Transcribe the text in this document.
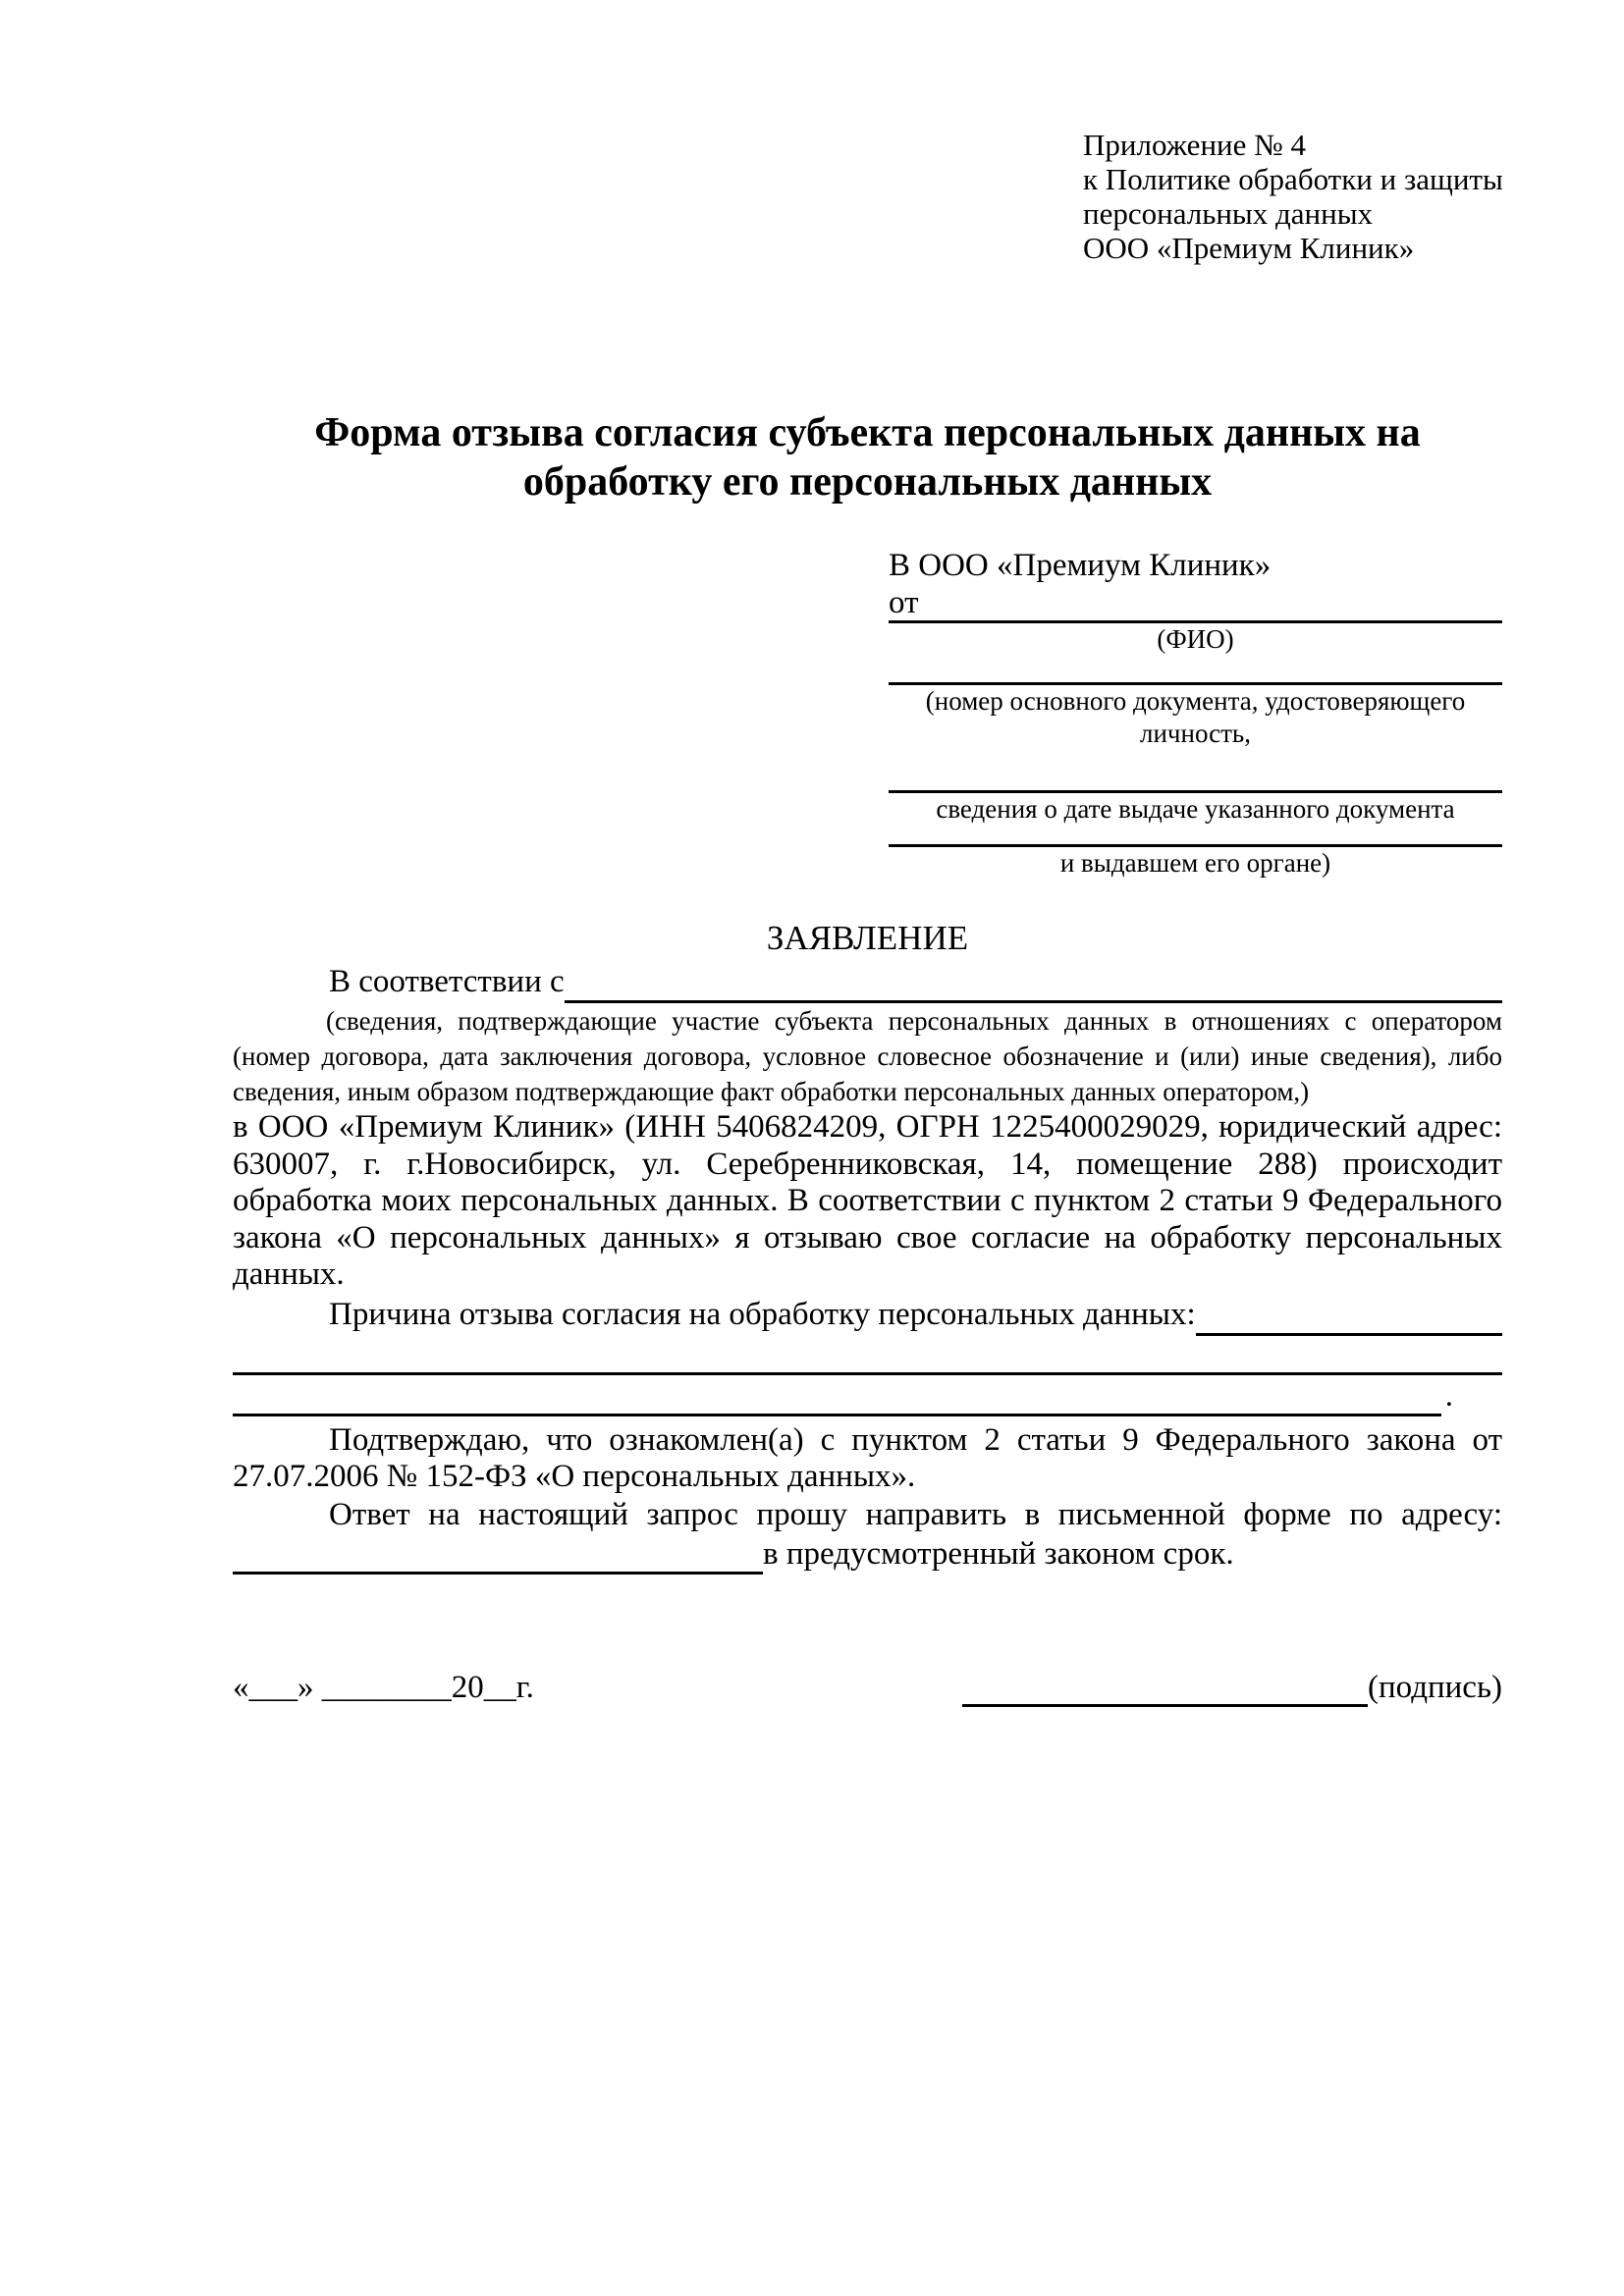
Приложение № 4
к Политике обработки и защиты
персональных данных
ООО «Премиум Клиник»
Форма отзыва согласия субъекта персональных данных на обработку его персональных данных
В ООО «Премиум Клиник»
от
(ФИО)
(номер основного документа, удостоверяющего личность,
сведения о дате выдаче указанного документа
и выдавшем его органе)
ЗАЯВЛЕНИЕ
В соответствии с

(сведения, подтверждающие участие субъекта персональных данных в отношениях с оператором (номер договора, дата заключения договора, условное словесное обозначение и (или) иные сведения), либо сведения, иным образом подтверждающие факт обработки персональных данных оператором,)

в ООО «Премиум Клиник» (ИНН 5406824209, ОГРН 1225400029029, юридический адрес: 630007, г. г.Новосибирск, ул. Серебренниковская, 14, помещение 288) происходит обработка моих персональных данных. В соответствии с пунктом 2 статьи 9 Федерального закона «О персональных данных» я отзываю свое согласие на обработку персональных данных.

Причина отзыва согласия на обработку персональных данных:
.

Подтверждаю, что ознакомлен(а) с пунктом 2 статьи 9 Федерального закона от 27.07.2006 № 152-ФЗ «О персональных данных».

Ответ на настоящий запрос прошу направить в письменной форме по адресу:

в предусмотренный законом срок.
«___» ________20__г.	(подпись)
